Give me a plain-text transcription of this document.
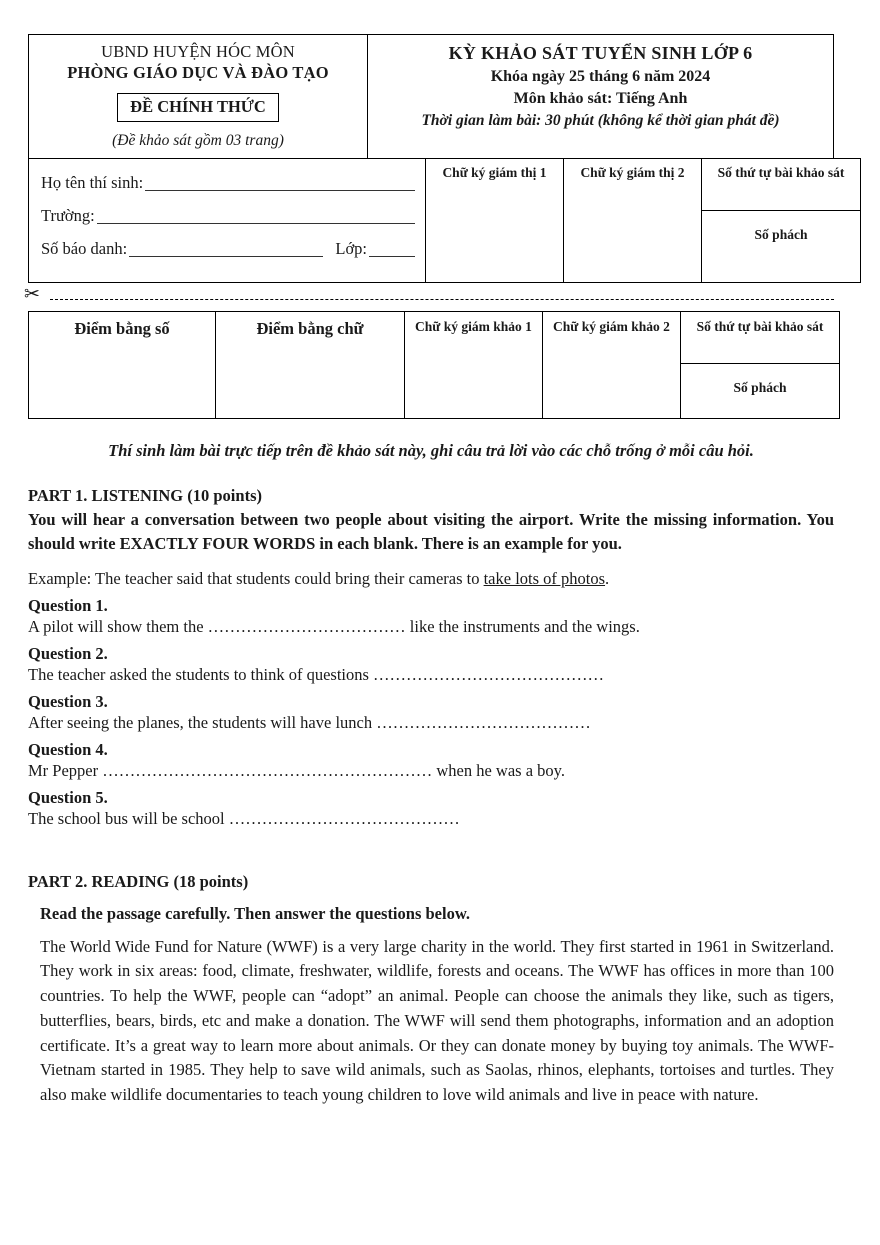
UBND HUYỆN HÓC MÔN
PHÒNG GIÁO DỤC VÀ ĐÀO TẠO
ĐỀ CHÍNH THỨC
(Đề khảo sát gồm 03 trang)

KỲ KHẢO SÁT TUYỂN SINH LỚP 6
Khóa ngày 25 tháng 6 năm 2024
Môn khảo sát: Tiếng Anh
Thời gian làm bài: 30 phút (không kể thời gian phát đề)
Họ tên thí sinh:
Trường:
Số báo danh:	Lớp:

Chữ ký giám thị 1	Chữ ký giám thị 2	Số thứ tự bài khảo sát
Số phách
✂
Điểm bằng số	Điểm bằng chữ	Chữ ký giám khảo 1	Chữ ký giám khảo 2	Số thứ tự bài khảo sát
Số phách
Thí sinh làm bài trực tiếp trên đề khảo sát này, ghi câu trả lời vào các chỗ trống ở mỗi câu hỏi.
PART 1. LISTENING (10 points)
You will hear a conversation between two people about visiting the airport. Write the missing information. You should write EXACTLY FOUR WORDS in each blank. There is an example for you.
Example: The teacher said that students could bring their cameras to take lots of photos.
Question 1.
A pilot will show them the ……………………………… like the instruments and the wings.
Question 2.
The teacher asked the students to think of questions ……………………………………
Question 3.
After seeing the planes, the students will have lunch …………………………………
Question 4.
Mr Pepper …………………………………………………… when he was a boy.
Question 5.
The school bus will be school ……………………………………
PART 2. READING (18 points)
Read the passage carefully. Then answer the questions below.
The World Wide Fund for Nature (WWF) is a very large charity in the world. They first started in 1961 in Switzerland. They work in six areas: food, climate, freshwater, wildlife, forests and oceans. The WWF has offices in more than 100 countries. To help the WWF, people can “adopt” an animal. People can choose the animals they like, such as tigers, butterflies, bears, birds, etc and make a donation. The WWF will send them photographs, information and an adoption certificate. It’s a great way to learn more about animals. Or they can donate money by buying toy animals. The WWF-Vietnam started in 1985. They help to save wild animals, such as Saolas, rhinos, elephants, tortoises and turtles. They also make wildlife documentaries to teach young children to love wild animals and live in peace with nature.
